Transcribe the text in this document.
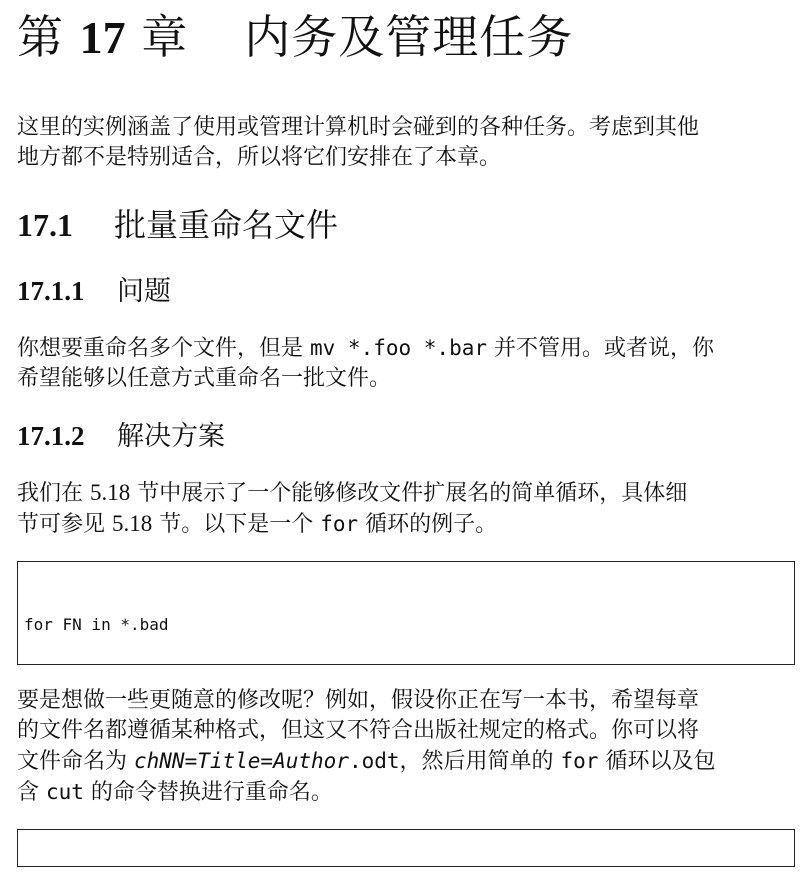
第 17 章 内务及管理任务

这里的实例涵盖了使用或管理计算机时会碰到的各种任务。考虑到其他
地方都不是特别适合，所以将它们安排在了本章。

17.1 批量重命名文件
17.1.1 问题

你想要重命名多个文件，但是 mv *.foo *.bar 并不管用。或者说，你
希望能够以任意方式重命名一批文件。

17.1.2 解决方案

我们在 5.18 节中展示了一个能够修改文件扩展名的简单循环，具体细
节可参见 5.18 节。以下是一个 for 循环的例子。

for FN in *.bad

要是想做一些更随意的修改呢？例如，假设你正在写一本书，希望每章
的文件名都遵循某种格式，但这又不符合出版社规定的格式。你可以将
文件命名为 chNN=Title=Author.odt，然后用简单的 for 循环以及包
含 cut 的命令替换进行重命名。
